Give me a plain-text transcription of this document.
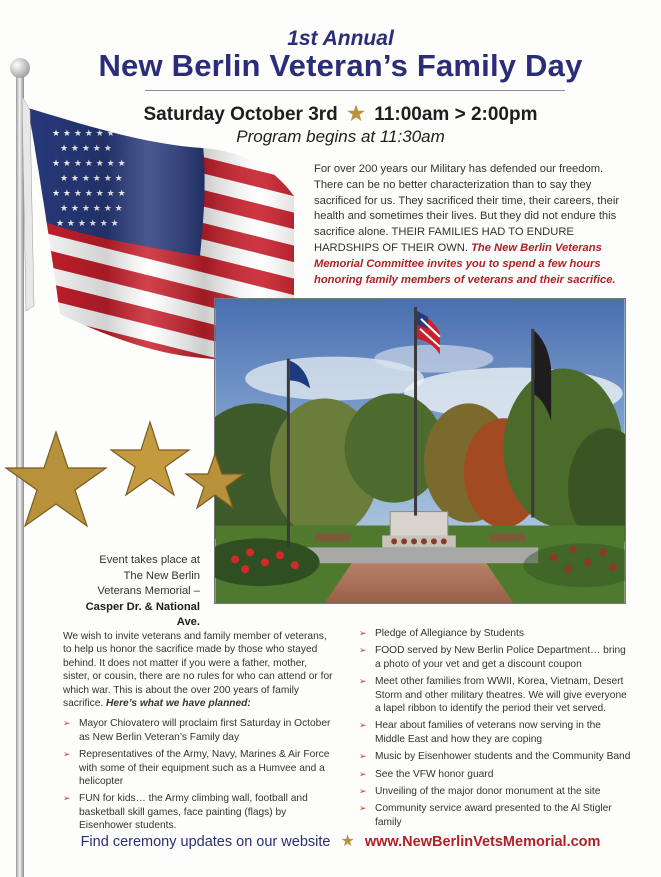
1st Annual
New Berlin Veteran’s Family Day
Saturday October 3rd ★ 11:00am > 2:00pm
Program begins at 11:30am
For over 200 years our Military has defended our freedom. There can be no better characterization than to say they sacrificed for us. They sacrificed their time, their careers, their health and sometimes their lives. But they did not endure this sacrifice alone. THEIR FAMILIES HAD TO ENDURE HARDSHIPS OF THEIR OWN. The New Berlin Veterans Memorial Committee invites you to spend a few hours honoring family members of veterans and their sacrifice.
Event takes place at
The New Berlin
Veterans Memorial –
Casper Dr. & National Ave.
We wish to invite veterans and family member of veterans, to help us honor the sacrifice made by those who stayed behind. It does not matter if you were a father, mother, sister, or cousin, there are no rules for who can attend or for which war. This is about the over 200 years of family sacrifice. Here’s what we have planned:
➢ Mayor Chiovatero will proclaim first Saturday in October as New Berlin Veteran’s Family day
➢ Representatives of the Army, Navy, Marines & Air Force with some of their equipment such as a Humvee and a helicopter
➢ FUN for kids… the Army climbing wall, football and basketball skill games, face painting (flags) by Eisenhower students.
➢ Pledge of Allegiance by Students
➢ FOOD served by New Berlin Police Department… bring a photo of your vet and get a discount coupon
➢ Meet other families from WWII, Korea, Vietnam, Desert Storm and other military theatres. We will give everyone a lapel ribbon to identify the period their vet served.
➢ Hear about families of veterans now serving in the Middle East and how they are coping
➢ Music by Eisenhower students and the Community Band
➢ See the VFW honor guard
➢ Unveiling of the major donor monument at the site
➢ Community service award presented to the Al Stigler family
Find ceremony updates on our website ★ www.NewBerlinVetsMemorial.com
